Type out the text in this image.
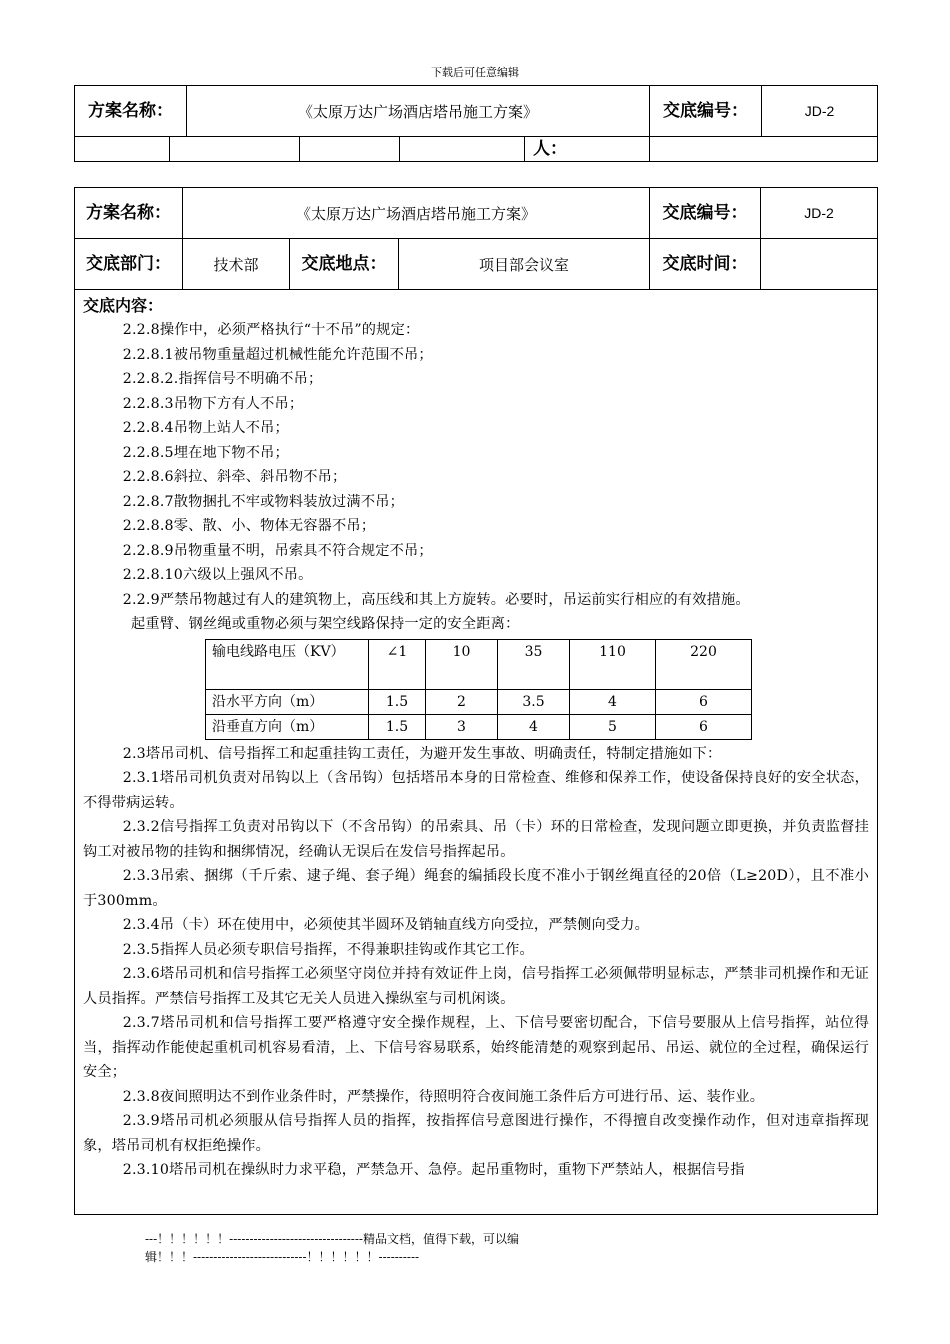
下载后可任意编辑
方案名称：		《太原万达广场酒店塔吊施工方案》				交底编号：	JD-2
					人：		
方案名称：	《太原万达广场酒店塔吊施工方案》	交底编号：	JD-2
交底部门：	技术部	交底地点：	项目部会议室	交底时间：	

交底内容：

2.2.8操作中，必须严格执行“十不吊”的规定：

2.2.8.1被吊物重量超过机械性能允许范围不吊；

2.2.8.2.指挥信号不明确不吊；

2.2.8.3吊物下方有人不吊；

2.2.8.4吊物上站人不吊；

2.2.8.5埋在地下物不吊；

2.2.8.6斜拉、斜牵、斜吊物不吊；

2.2.8.7散物捆扎不牢或物料装放过满不吊；

2.2.8.8零、散、小、物体无容器不吊；

2.2.8.9吊物重量不明，吊索具不符合规定不吊；

2.2.8.10六级以上强风不吊。

2.2.9严禁吊物越过有人的建筑物上，高压线和其上方旋转。必要时，吊运前实行相应的有效措施。

起重臂、钢丝绳或重物必须与架空线路保持一定的安全距离：

输电线路电压（KV）	∠1	10	35	110	220
沿水平方向（m）	1.5	2	3.5	4	6
沿垂直方向（m）	1.5	3	4	5	6

2.3塔吊司机、信号指挥工和起重挂钩工责任，为避开发生事故、明确责任，特制定措施如下：

2.3.1塔吊司机负责对吊钩以上（含吊钩）包括塔吊本身的日常检查、维修和保养工作，使设备保持良好的安全状态，不得带病运转。

2.3.2信号指挥工负责对吊钩以下（不含吊钩）的吊索具、吊（卡）环的日常检查，发现问题立即更换，并负责监督挂钩工对被吊物的挂钩和捆绑情况，经确认无误后在发信号指挥起吊。

2.3.3吊索、捆绑（千斤索、逮子绳、套子绳）绳套的编插段长度不准小于钢丝绳直径的20倍（L≥20D），且不准小于300mm。

2.3.4吊（卡）环在使用中，必须使其半圆环及销轴直线方向受拉，严禁侧向受力。

2.3.5指挥人员必须专职信号指挥，不得兼职挂钩或作其它工作。

2.3.6塔吊司机和信号指挥工必须坚守岗位并持有效证件上岗，信号指挥工必须佩带明显标志，严禁非司机操作和无证人员指挥。严禁信号指挥工及其它无关人员进入操纵室与司机闲谈。

2.3.7塔吊司机和信号指挥工要严格遵守安全操作规程，上、下信号要密切配合，下信号要服从上信号指挥，站位得当，指挥动作能使起重机司机容易看清，上、下信号容易联系，始终能清楚的观察到起吊、吊运、就位的全过程，确保运行安全；

2.3.8夜间照明达不到作业条件时，严禁操作，待照明符合夜间施工条件后方可进行吊、运、装作业。

2.3.9塔吊司机必须服从信号指挥人员的指挥，按指挥信号意图进行操作，不得擅自改变操作动作，但对违章指挥现象，塔吊司机有权拒绝操作。

2.3.10塔吊司机在操纵时力求平稳，严禁急开、急停。起吊重物时，重物下严禁站人，根据信号指

---！！！！！！---------------------------------精品文档，值得下载，可以编
辑！！！----------------------------！！！！！！----------
